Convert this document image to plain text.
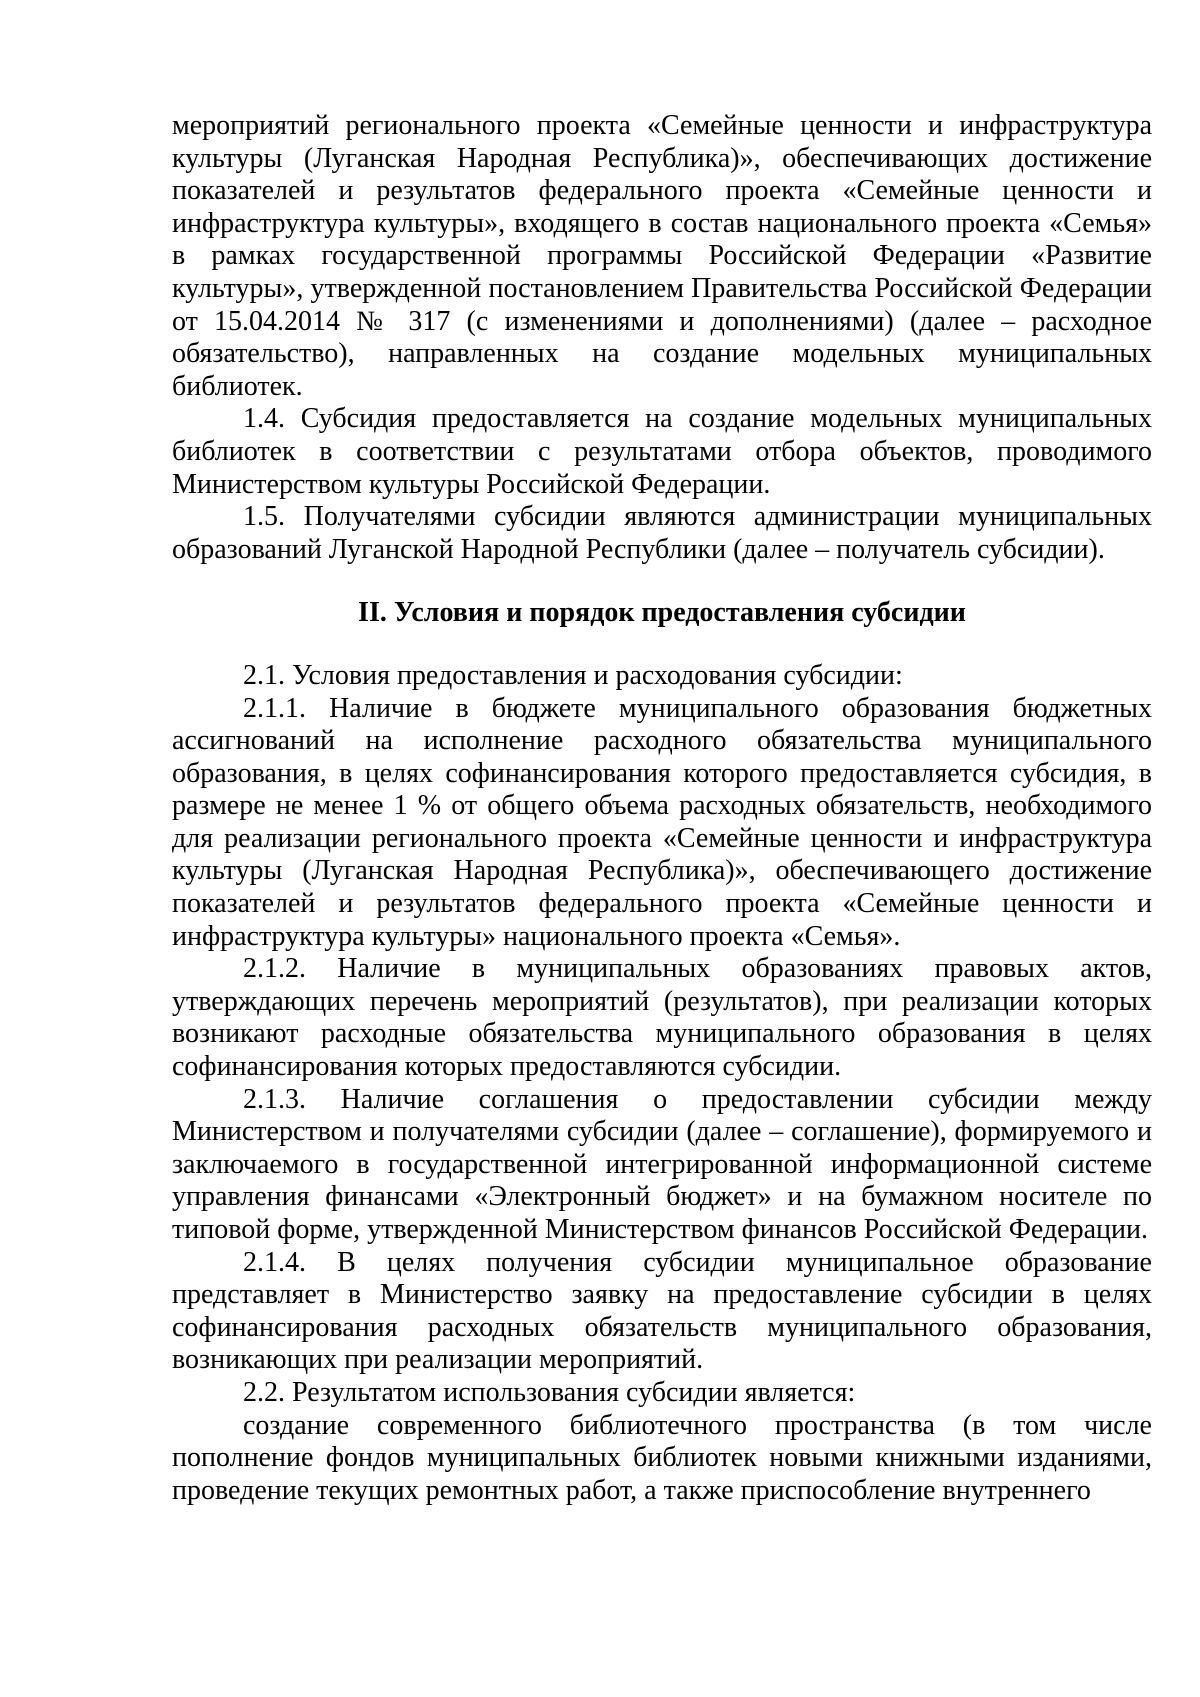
мероприятий регионального проекта «Семейные ценности и инфраструктура культуры (Луганская Народная Республика)», обеспечивающих достижение показателей и результатов федерального проекта «Семейные ценности и инфраструктура культуры», входящего в состав национального проекта «Семья» в рамках государственной программы Российской Федерации «Развитие культуры», утвержденной постановлением Правительства Российской Федерации от 15.04.2014 № 317 (с изменениями и дополнениями) (далее – расходное обязательство), направленных на создание модельных муниципальных библиотек.

1.4. Субсидия предоставляется на создание модельных муниципальных библиотек в соответствии с результатами отбора объектов, проводимого Министерством культуры Российской Федерации.

1.5. Получателями субсидии являются администрации муниципальных образований Луганской Народной Республики (далее – получатель субсидии).

II. Условия и порядок предоставления субсидии

2.1. Условия предоставления и расходования субсидии:

2.1.1. Наличие в бюджете муниципального образования бюджетных ассигнований на исполнение расходного обязательства муниципального образования, в целях софинансирования которого предоставляется субсидия, в размере не менее 1 % от общего объема расходных обязательств, необходимого для реализации регионального проекта «Семейные ценности и инфраструктура культуры (Луганская Народная Республика)», обеспечивающего достижение показателей и результатов федерального проекта «Семейные ценности и инфраструктура культуры» национального проекта «Семья».

2.1.2. Наличие в муниципальных образованиях правовых актов, утверждающих перечень мероприятий (результатов), при реализации которых возникают расходные обязательства муниципального образования в целях софинансирования которых предоставляются субсидии.

2.1.3. Наличие соглашения о предоставлении субсидии между Министерством и получателями субсидии (далее – соглашение), формируемого и заключаемого в государственной интегрированной информационной системе управления финансами «Электронный бюджет» и на бумажном носителе по типовой форме, утвержденной Министерством финансов Российской Федерации.

2.1.4. В целях получения субсидии муниципальное образование представляет в Министерство заявку на предоставление субсидии в целях софинансирования расходных обязательств муниципального образования, возникающих при реализации мероприятий.

2.2. Результатом использования субсидии является:

создание современного библиотечного пространства (в том числе пополнение фондов муниципальных библиотек новыми книжными изданиями, проведение текущих ремонтных работ, а также приспособление внутреннего
